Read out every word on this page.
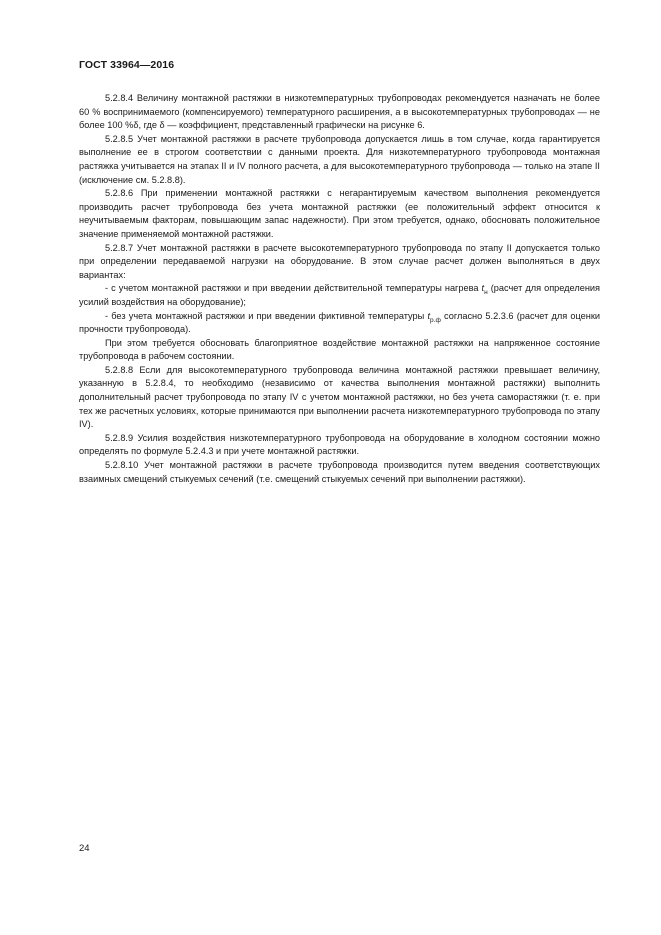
ГОСТ 33964—2016

5.2.8.4 Величину монтажной растяжки в низкотемпературных трубопроводах рекомендуется назначать не более 60 % воспринимаемого (компенсируемого) температурного расширения, а в высокотемпературных трубопроводах — не более 100 %δ, где δ — коэффициент, представленный графически на рисунке 6.

5.2.8.5 Учет монтажной растяжки в расчете трубопровода допускается лишь в том случае, когда гарантируется выполнение ее в строгом соответствии с данными проекта. Для низкотемпературного трубопровода монтажная растяжка учитывается на этапах II и IV полного расчета, а для высокотемпературного трубопровода — только на этапе II (исключение см. 5.2.8.8).

5.2.8.6 При применении монтажной растяжки с негарантируемым качеством выполнения рекомендуется производить расчет трубопровода без учета монтажной растяжки (ее положительный эффект относится к неучитываемым факторам, повышающим запас надежности). При этом требуется, однако, обосновать положительное значение применяемой монтажной растяжки.

5.2.8.7 Учет монтажной растяжки в расчете высокотемпературного трубопровода по этапу II допускается только при определении передаваемой нагрузки на оборудование. В этом случае расчет должен выполняться в двух вариантах:

- с учетом монтажной растяжки и при введении действительной температуры нагрева $t_н$ (расчет для определения усилий воздействия на оборудование);

- без учета монтажной растяжки и при введении фиктивной температуры $t_{р.ф}$ согласно 5.2.3.6 (расчет для оценки прочности трубопровода).

При этом требуется обосновать благоприятное воздействие монтажной растяжки на напряженное состояние трубопровода в рабочем состоянии.

5.2.8.8 Если для высокотемпературного трубопровода величина монтажной растяжки превышает величину, указанную в 5.2.8.4, то необходимо (независимо от качества выполнения монтажной растяжки) выполнить дополнительный расчет трубопровода по этапу IV с учетом монтажной растяжки, но без учета саморастяжки (т. е. при тех же расчетных условиях, которые принимаются при выполнении расчета низкотемпературного трубопровода по этапу IV).

5.2.8.9 Усилия воздействия низкотемпературного трубопровода на оборудование в холодном состоянии можно определять по формуле 5.2.4.3 и при учете монтажной растяжки.

5.2.8.10 Учет монтажной растяжки в расчете трубопровода производится путем введения соответствующих взаимных смещений стыкуемых сечений (т.е. смещений стыкуемых сечений при выполнении растяжки).

24
